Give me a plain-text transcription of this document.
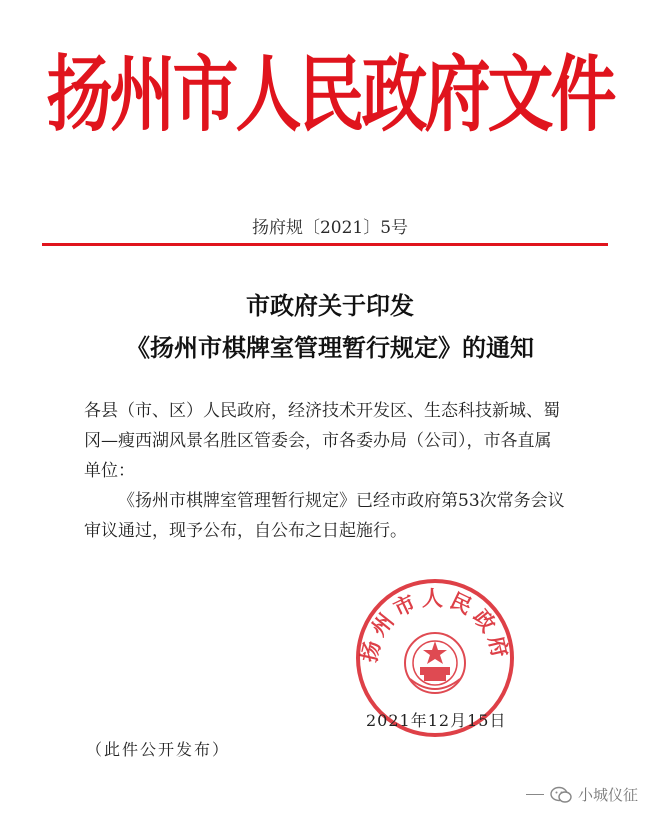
扬州市人民政府文件
扬府规〔2021〕5号
市政府关于印发
《扬州市棋牌室管理暂行规定》的通知

各县（市、区）人民政府，经济技术开发区、生态科技新城、蜀

冈—瘦西湖风景名胜区管委会，市各委办局（公司），市各直属

单位：

《扬州市棋牌室管理暂行规定》已经市政府第53次常务会议

审议通过，现予公布，自公布之日起施行。

扬州市人民政府
2021年12月15日
（此件公开发布）
小城仪征
